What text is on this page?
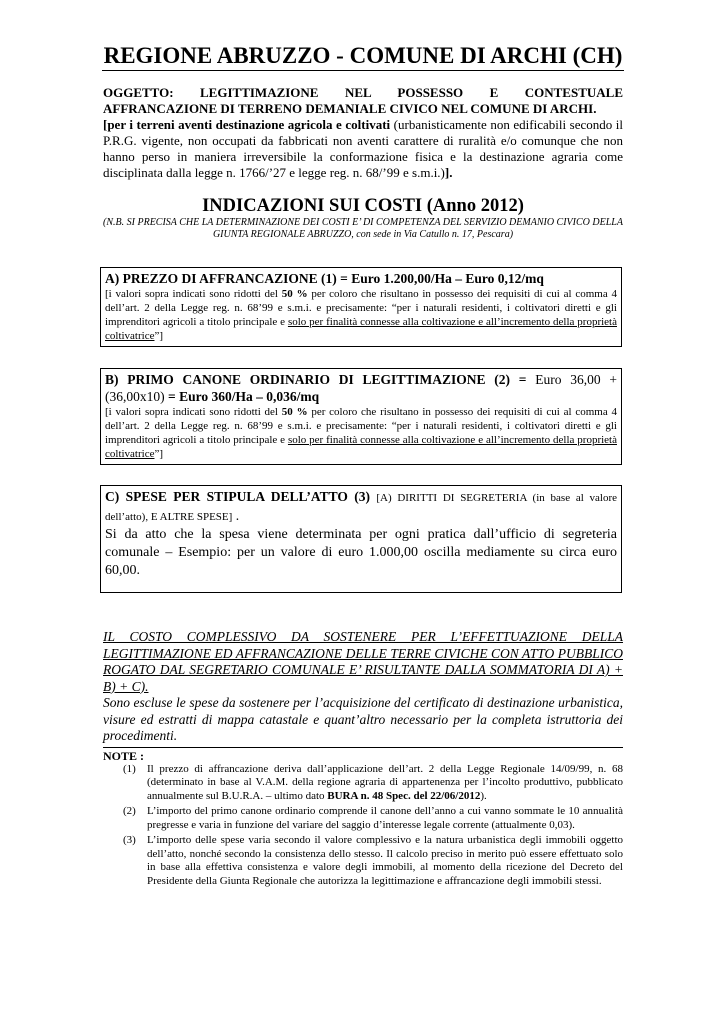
REGIONE ABRUZZO - COMUNE DI ARCHI (CH)
OGGETTO: LEGITTIMAZIONE NEL POSSESSO E CONTESTUALE AFFRANCAZIONE DI TERRENO DEMANIALE CIVICO NEL COMUNE DI ARCHI.
[per i terreni aventi destinazione agricola e coltivati (urbanisticamente non edificabili secondo il P.R.G. vigente, non occupati da fabbricati non aventi carattere di ruralità e/o comunque che non hanno perso in maniera irreversibile la conformazione fisica e la destinazione agraria come disciplinata dalla legge n. 1766/’27 e legge reg. n. 68/’99 e s.m.i.)].
INDICAZIONI SUI COSTI (Anno 2012)
(N.B. SI PRECISA CHE LA DETERMINAZIONE DEI COSTI E’ DI COMPETENZA DEL SERVIZIO DEMANIO CIVICO DELLA GIUNTA REGIONALE ABRUZZO, con sede in Via Catullo n. 17, Pescara)
A) PREZZO DI AFFRANCAZIONE (1) = Euro 1.200,00/Ha – Euro 0,12/mq
[i valori sopra indicati sono ridotti del 50 % per coloro che risultano in possesso dei requisiti di cui al comma 4 dell’art. 2 della Legge reg. n. 68’99 e s.m.i. e precisamente: “per i naturali residenti, i coltivatori diretti e gli imprenditori agricoli a titolo principale e solo per finalità connesse alla coltivazione e all’incremento della proprietà coltivatrice”]
B) PRIMO CANONE ORDINARIO DI LEGITTIMAZIONE (2) = Euro 36,00 + (36,00x10) = Euro 360/Ha – 0,036/mq
[i valori sopra indicati sono ridotti del 50 % per coloro che risultano in possesso dei requisiti di cui al comma 4 dell’art. 2 della Legge reg. n. 68’99 e s.m.i. e precisamente: “per i naturali residenti, i coltivatori diretti e gli imprenditori agricoli a titolo principale e solo per finalità connesse alla coltivazione e all’incremento della proprietà coltivatrice”]
C) SPESE PER STIPULA DELL’ATTO (3) [A) DIRITTI DI SEGRETERIA (in base al valore dell’atto), E ALTRE SPESE] .
Si da atto che la spesa viene determinata per ogni pratica dall’ufficio di segreteria comunale – Esempio: per un valore di euro 1.000,00 oscilla mediamente su circa euro 60,00.
IL COSTO COMPLESSIVO DA SOSTENERE PER L’EFFETTUAZIONE DELLA LEGITTIMAZIONE ED AFFRANCAZIONE DELLE TERRE CIVICHE CON ATTO PUBBLICO ROGATO DAL SEGRETARIO COMUNALE E’ RISULTANTE DALLA SOMMATORIA DI A) + B) + C).
Sono escluse le spese da sostenere per l’acquisizione del certificato di destinazione urbanistica, visure ed estratti di mappa catastale e quant’altro necessario per la completa istruttoria dei procedimenti.
NOTE :
(1)	Il prezzo di affrancazione deriva dall’applicazione dell’art. 2 della Legge Regionale 14/09/99, n. 68 (determinato in base al V.A.M. della regione agraria di appartenenza per l’incolto produttivo, pubblicato annualmente sul B.U.R.A. – ultimo dato BURA n. 48 Spec. del 22/06/2012).
(2)	L’importo del primo canone ordinario comprende il canone dell’anno a cui vanno sommate le 10 annualità pregresse e varia in funzione del variare del saggio d’interesse legale corrente (attualmente 0,03).
(3)	L’importo delle spese varia secondo il valore complessivo e la natura urbanistica degli immobili oggetto dell’atto, nonché secondo la consistenza dello stesso. Il calcolo preciso in merito può essere effettuato solo in base alla effettiva consistenza e valore degli immobili, al momento della ricezione del Decreto del Presidente della Giunta Regionale che autorizza la legittimazione e affrancazione degli immobili stessi.
